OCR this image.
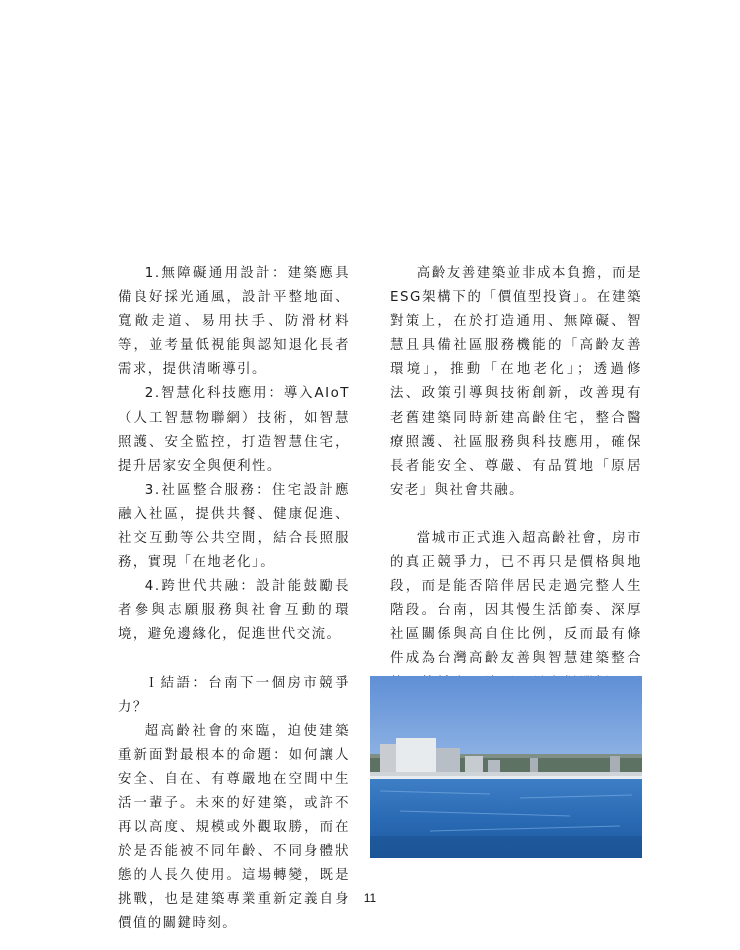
1.無障礙通用設計：建築應具備良好採光通風，設計平整地面、寬敞走道、易用扶手、防滑材料等，並考量低視能與認知退化長者需求，提供清晰導引。

2.智慧化科技應用：導入AIoT（人工智慧物聯網）技術，如智慧照護、安全監控，打造智慧住宅，提升居家安全與便利性。

3.社區整合服務：住宅設計應融入社區，提供共餐、健康促進、社交互動等公共空間，結合長照服務，實現「在地老化」。

4.跨世代共融：設計能鼓勵長者參與志願服務與社會互動的環境，避免邊緣化，促進世代交流。

Ｉ結語：台南下一個房市競爭力？

超高齡社會的來臨，迫使建築重新面對最根本的命題：如何讓人安全、自在、有尊嚴地在空間中生活一輩子。未來的好建築，或許不再以高度、規模或外觀取勝，而在於是否能被不同年齡、不同身體狀態的人長久使用。這場轉變，既是挑戰，也是建築專業重新定義自身價值的關鍵時刻。

高齡友善建築並非成本負擔，而是ESG架構下的「價值型投資」。在建築對策上，在於打造通用、無障礙、智慧且具備社區服務機能的「高齡友善環境」，推動「在地老化」；透過修法、政策引導與技術創新，改善現有老舊建築同時新建高齡住宅，整合醫療照護、社區服務與科技應用，確保長者能安全、尊嚴、有品質地「原居安老」與社會共融。

當城市正式進入超高齡社會，房市的真正競爭力，已不再只是價格與地段，而是能否陪伴居民走過完整人生階段。台南，因其慢生活節奏、深厚社區關係與高自住比例，反而最有條件成為台灣高齡友善與智慧建築整合

11
